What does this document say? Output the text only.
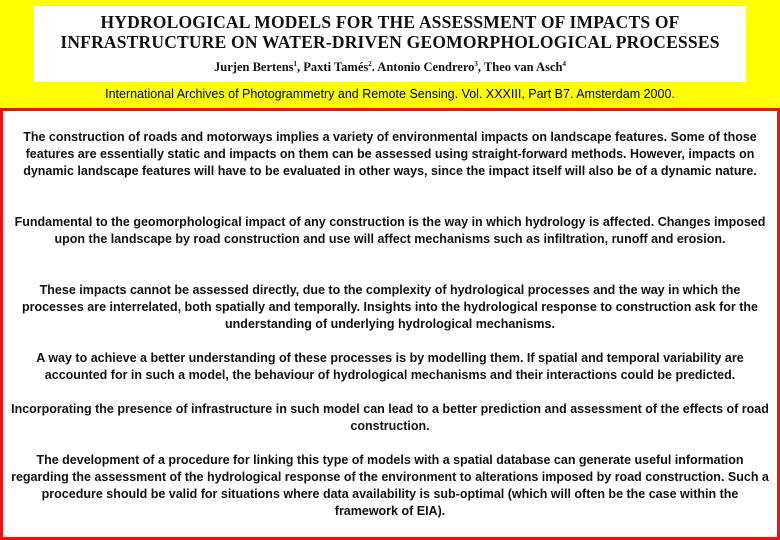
HYDROLOGICAL MODELS FOR THE ASSESSMENT OF IMPACTS OF
INFRASTRUCTURE ON WATER-DRIVEN GEOMORPHOLOGICAL PROCESSES
Jurjen Bertens$^1$, Paxti Tamés$^2$. Antonio Cendrero$^3$, Theo van Asch$^4$
International Archives of Photogrammetry and Remote Sensing. Vol. XXXIII, Part B7. Amsterdam 2000.
The construction of roads and motorways implies a variety of environmental impacts on landscape features. Some of those features are essentially static and impacts on them can be assessed using straight-forward methods. However, impacts on dynamic landscape features will have to be evaluated in other ways, since the impact itself will also be of a dynamic nature.
Fundamental to the geomorphological impact of any construction is the way in which hydrology is affected. Changes imposed upon the landscape by road construction and use will affect mechanisms such as infiltration, runoff and erosion.
These impacts cannot be assessed directly, due to the complexity of hydrological processes and the way in which the processes are interrelated, both spatially and temporally. Insights into the hydrological response to construction ask for the understanding of underlying hydrological mechanisms.
A way to achieve a better understanding of these processes is by modelling them. If spatial and temporal variability are accounted for in such a model, the behaviour of hydrological mechanisms and their interactions could be predicted.
Incorporating the presence of infrastructure in such model can lead to a better prediction and assessment of the effects of road construction.
The development of a procedure for linking this type of models with a spatial database can generate useful information regarding the assessment of the hydrological response of the environment to alterations imposed by road construction. Such a procedure should be valid for situations where data availability is sub-optimal (which will often be the case within the framework of EIA).
